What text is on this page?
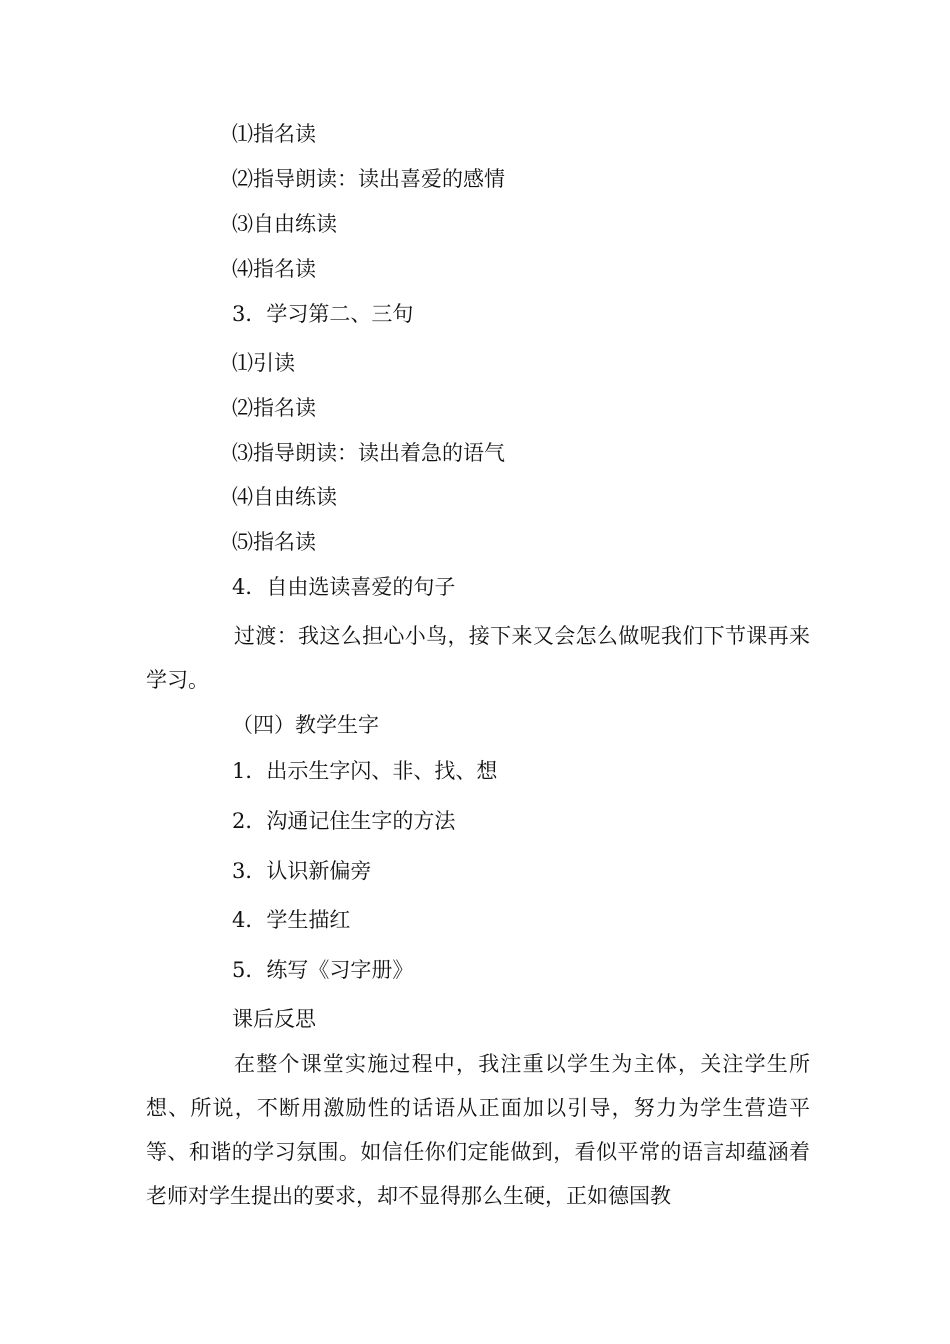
⑴指名读
⑵指导朗读：读出喜爱的感情
⑶自由练读
⑷指名读
3．学习第二、三句
⑴引读
⑵指名读
⑶指导朗读：读出着急的语气
⑷自由练读
⑸指名读
4．自由选读喜爱的句子
过渡：我这么担心小鸟，接下来又会怎么做呢我们下节课再来学习。
（四）教学生字
1．出示生字闪、非、找、想
2．沟通记住生字的方法
3．认识新偏旁
4．学生描红
5．练写《习字册》
课后反思
在整个课堂实施过程中，我注重以学生为主体，关注学生所想、所说，不断用激励性的话语从正面加以引导，努力为学生营造平等、和谐的学习氛围。如信任你们定能做到，看似平常的语言却蕴涵着老师对学生提出的要求，却不显得那么生硬，正如德国教
